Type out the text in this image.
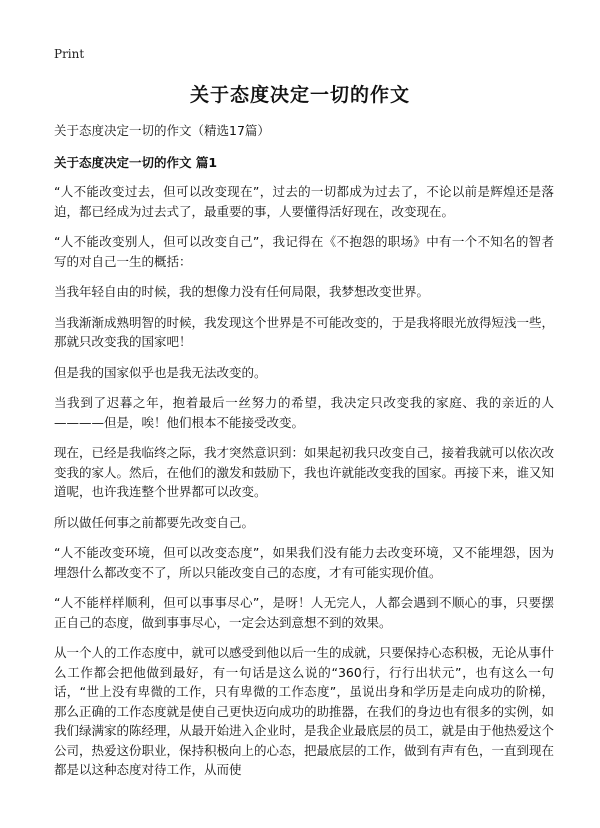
Print
关于态度决定一切的作文
关于态度决定一切的作文（精选17篇）
关于态度决定一切的作文 篇1

“人不能改变过去，但可以改变现在”，过去的一切都成为过去了，不论以前是辉煌还是落迫，都已经成为过去式了，最重要的事，人要懂得活好现在，改变现在。

“人不能改变别人，但可以改变自己”，我记得在《不抱怨的职场》中有一个不知名的智者写的对自己一生的概括：

当我年轻自由的时候，我的想像力没有任何局限，我梦想改变世界。

当我渐渐成熟明智的时候，我发现这个世界是不可能改变的，于是我将眼光放得短浅一些，那就只改变我的国家吧！

但是我的国家似乎也是我无法改变的。

当我到了迟暮之年，抱着最后一丝努力的希望，我决定只改变我的家庭、我的亲近的人————但是，唉！他们根本不能接受改变。

现在，已经是我临终之际，我才突然意识到：如果起初我只改变自己，接着我就可以依次改变我的家人。然后，在他们的激发和鼓励下，我也许就能改变我的国家。再接下来，谁又知道呢，也许我连整个世界都可以改变。

所以做任何事之前都要先改变自己。

“人不能改变环境，但可以改变态度”，如果我们没有能力去改变环境，又不能埋怨，因为埋怨什么都改变不了，所以只能改变自己的态度，才有可能实现价值。

“人不能样样顺利，但可以事事尽心”，是呀！人无完人，人都会遇到不顺心的事，只要摆正自己的态度，做到事事尽心，一定会达到意想不到的效果。

从一个人的工作态度中，就可以感受到他以后一生的成就，只要保持心态积极，无论从事什么工作都会把他做到最好，有一句话是这么说的“360行，行行出状元”，也有这么一句话，“世上没有卑微的工作，只有卑微的工作态度”，虽说出身和学历是走向成功的阶梯，那么正确的工作态度就是使自己更快迈向成功的助推器，在我们的身边也有很多的实例，如我们绿满家的陈经理，从最开始进入企业时，是我企业最底层的员工，就是由于他热爱这个公司，热爱这份职业，保持积极向上的心态，把最底层的工作，做到有声有色，一直到现在都是以这种态度对待工作，从而使
